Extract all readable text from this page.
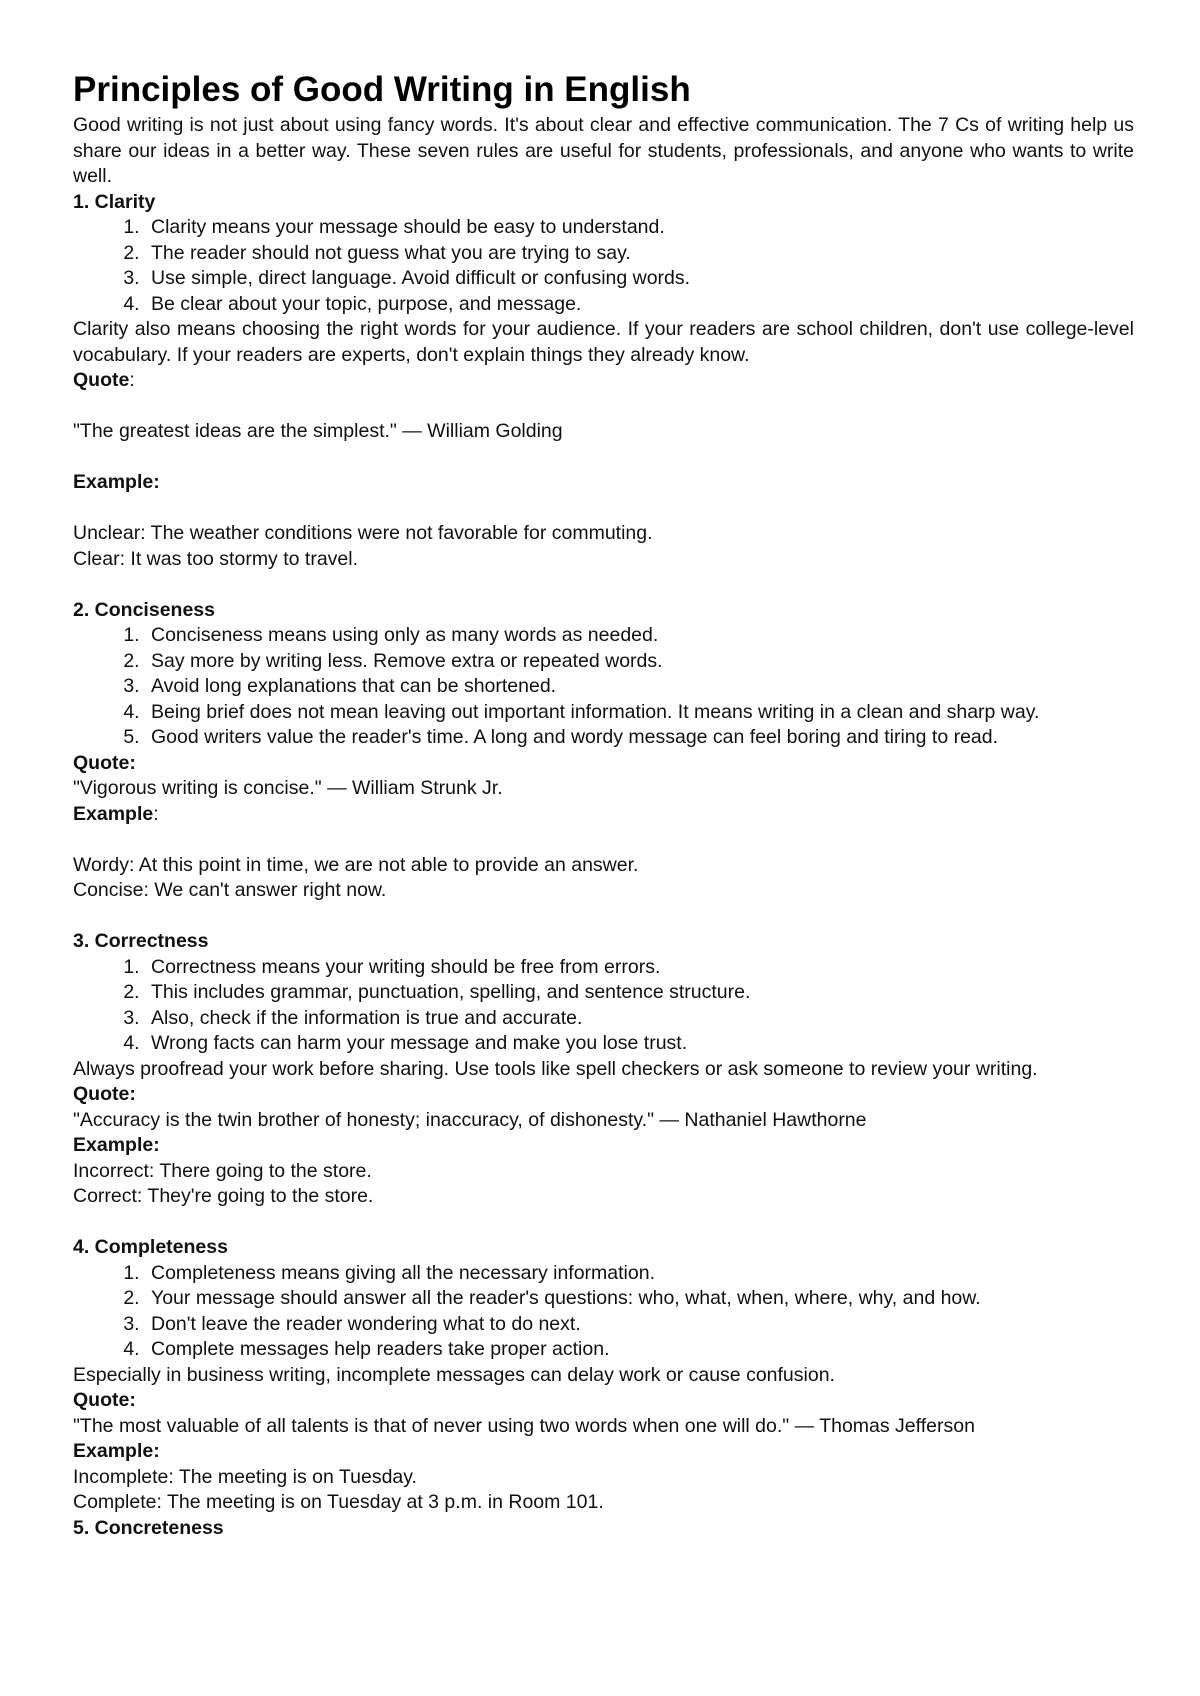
Principles of Good Writing in English

Good writing is not just about using fancy words. It's about clear and effective communication. The 7 Cs of writing help us share our ideas in a better way. These seven rules are useful for students, professionals, and anyone who wants to write well.

1. Clarity

1. Clarity means your message should be easy to understand.
2. The reader should not guess what you are trying to say.
3. Use simple, direct language. Avoid difficult or confusing words.
4. Be clear about your topic, purpose, and message.

Clarity also means choosing the right words for your audience. If your readers are school children, don't use college-level vocabulary. If your readers are experts, don't explain things they already know.

Quote:

"The greatest ideas are the simplest." — William Golding

Example:

Unclear: The weather conditions were not favorable for commuting.

Clear: It was too stormy to travel.

2. Conciseness

1. Conciseness means using only as many words as needed.
2. Say more by writing less. Remove extra or repeated words.
3. Avoid long explanations that can be shortened.
4. Being brief does not mean leaving out important information. It means writing in a clean and sharp way.
5. Good writers value the reader's time. A long and wordy message can feel boring and tiring to read.

Quote:

"Vigorous writing is concise." — William Strunk Jr.

Example:

Wordy: At this point in time, we are not able to provide an answer.

Concise: We can't answer right now.

3. Correctness

1. Correctness means your writing should be free from errors.
2. This includes grammar, punctuation, spelling, and sentence structure.
3. Also, check if the information is true and accurate.
4. Wrong facts can harm your message and make you lose trust.

Always proofread your work before sharing. Use tools like spell checkers or ask someone to review your writing.

Quote:

"Accuracy is the twin brother of honesty; inaccuracy, of dishonesty." — Nathaniel Hawthorne

Example:

Incorrect: There going to the store.

Correct: They're going to the store.

4. Completeness

1. Completeness means giving all the necessary information.
2. Your message should answer all the reader's questions: who, what, when, where, why, and how.
3. Don't leave the reader wondering what to do next.
4. Complete messages help readers take proper action.

Especially in business writing, incomplete messages can delay work or cause confusion.

Quote:

"The most valuable of all talents is that of never using two words when one will do." — Thomas Jefferson

Example:

Incomplete: The meeting is on Tuesday.

Complete: The meeting is on Tuesday at 3 p.m. in Room 101.

5. Concreteness
